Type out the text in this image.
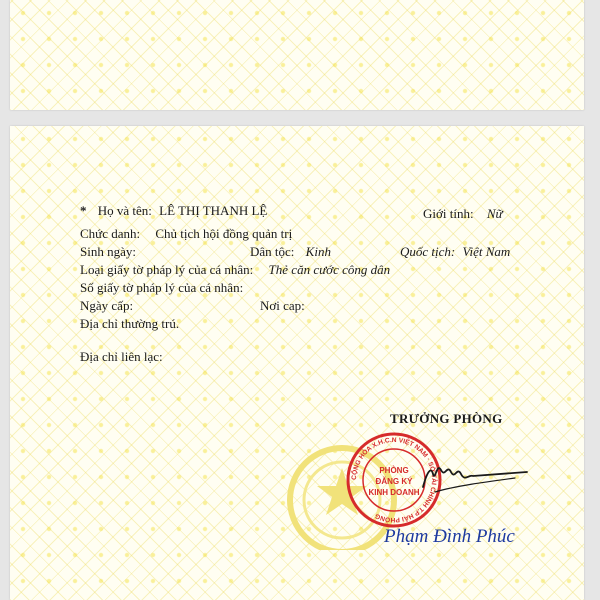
* Họ và tên: LÊ THỊ THANH LỆ	Giới tính: Nữ
Chức danh: Chủ tịch hội đồng quản trị
Sinh ngày:	Dân tộc: Kinh	Quốc tịch: Việt Nam
Loại giấy tờ pháp lý của cá nhân: Thẻ căn cước công dân
Số giấy tờ pháp lý của cá nhân:
Ngày cấp:	Nơi cap:
Địa chỉ thường trú.
Địa chỉ liên lạc:
TRƯỞNG PHÒNG
CỘNG HÒA X.H.C.N VIỆT NAM · SỞ TÀI CHÍNH T.P HẢI PHÒNG
PHÒNG
ĐĂNG KÝ
KINH DOANH
Phạm Đình Phúc
